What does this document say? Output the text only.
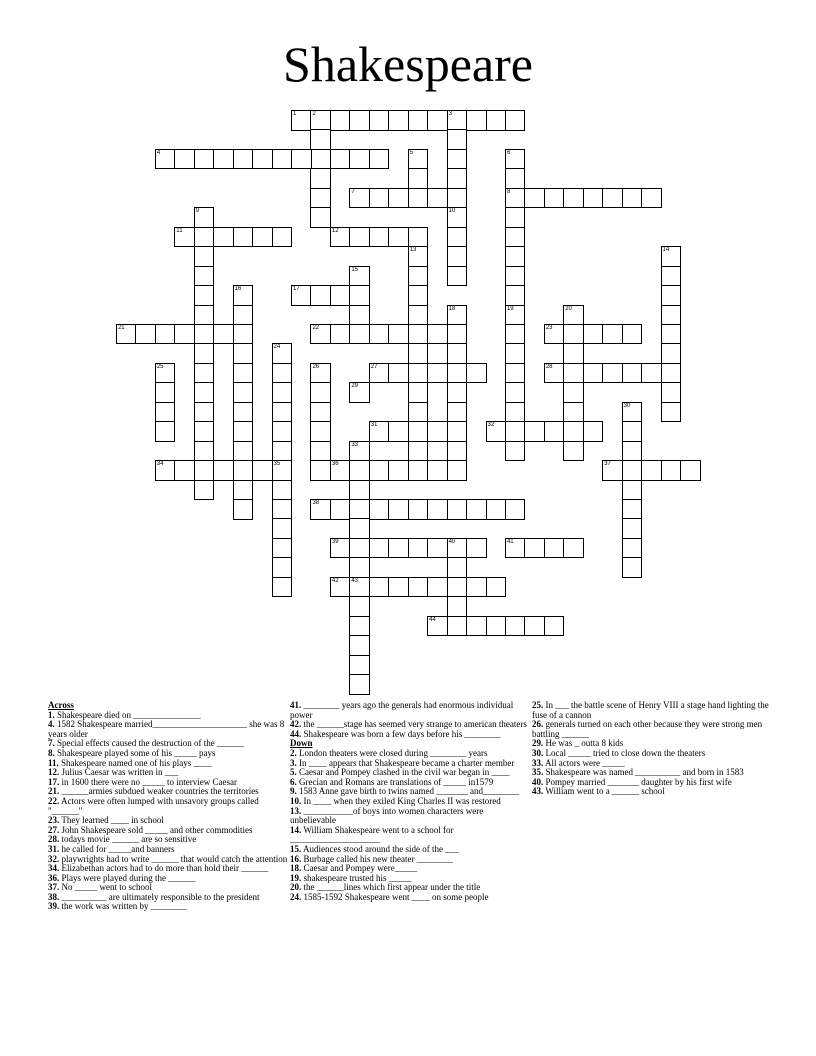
Shakespeare
1	2	3
4	5	6
8
7
9	10
11	12
13	14
15
16	17
18	19	20
21	22	23
24
35
25	26	27	28
29
30
31	32
33
43
34	36	37
38
39	40	41
42
44

Across

1. Shakespeare died on _______________

4. 1582 Shakespeare married_____________________ she was 8 years older

7. Special effects caused the destruction of the ______

8. Shakespeare played some of his _____ pays

11. Shakespeare named one of his plays ____

12. Julius Caesar was written in ___

17. in 1600 there were no _____ to interview Caesar

21. ______armies subdued weaker countries the territories

22. Actors were often lumped with unsavory groups called "______"

23. They learned ____ in school

27. John Shakespeare sold _____ and other commodities

28. todays movie ______ are so sensitive

31. he called for _____and banners

32. playwrights had to write ______ that would catch the attention

34. Elizabethan actors had to do more than hold their ______

36. Plays were played during the ______

37. No _____ went to school

38. __________ are ultimately responsible to the president

39. the work was written by ________

41. ________ years ago the generals had enormous individual power

42. the ______stage has seemed very strange to american theaters

44. Shakespeare was born a few days before his ________

Down

2. London theaters were closed during ________ years

3. In ____ appears that Shakespeare became a charter member

5. Caesar and Pompey clashed in the civil war began in ____

6. Grecian and Romans are translations of _____ in1579

9. 1583 Anne gave birth to twins named _______ and________

10. In ____ when they exiled King Charles II was restored

13. ___________of boys into women characters were unbelievable

14. William Shakespeare went to a school for ____________________

15. Audiences stood around the side of the ___

16. Burbage called his new theater ________

18. Caesar and Pompey were_____

19. shakespeare trusted his _____

20. the ______lines which first appear under the title

24. 1585-1592 Shakespeare went ____ on some people

25. In ___ the battle scene of Henry VIII a stage hand lighting the fuse of a cannon

26. generals turned on each other because they were strong men battling ______

29. He was _ outta 8 kids

30. Local _____ tried to close down the theaters

33. All actors were _____

35. Shakespeare was named __________ and born in 1583

40. Pompey married _______ daughter by his first wife

43. William went to a ______ school
